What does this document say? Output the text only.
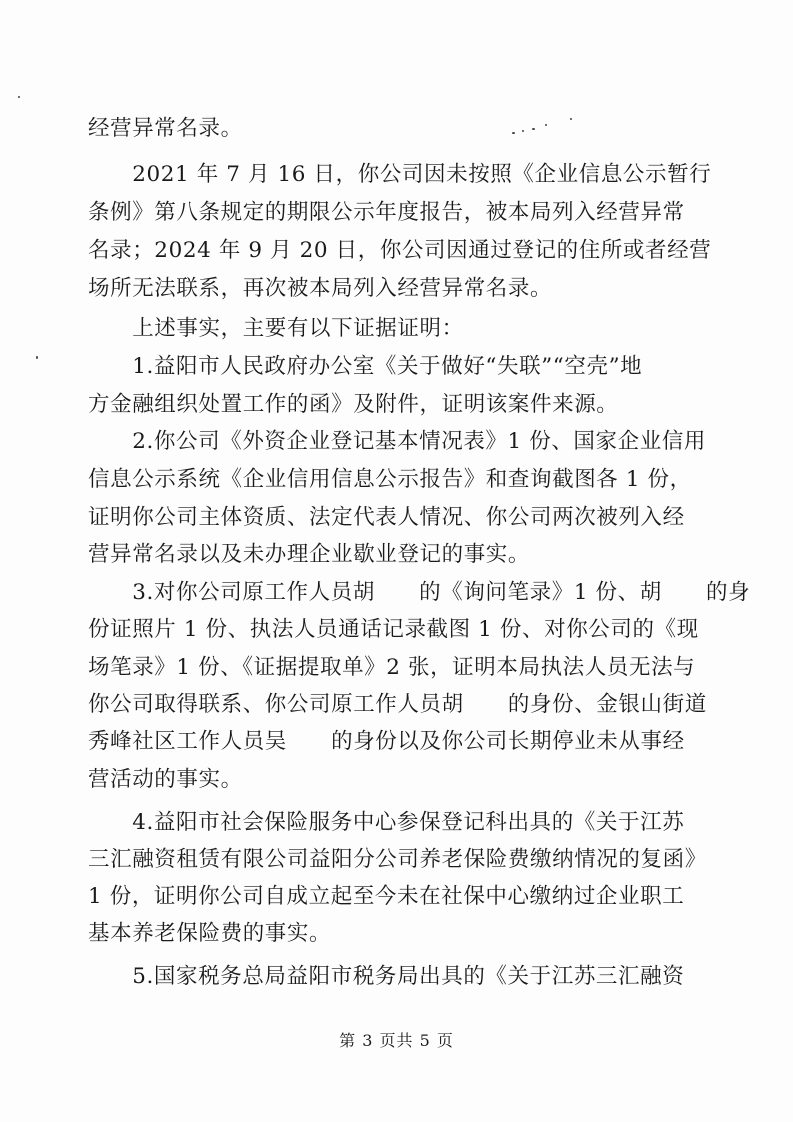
经营异常名录。
　　2021 年 7 月 16 日，你公司因未按照《企业信息公示暂行
条例》第八条规定的期限公示年度报告，被本局列入经营异常
名录；2024 年 9 月 20 日，你公司因通过登记的住所或者经营
场所无法联系，再次被本局列入经营异常名录。
　　上述事实，主要有以下证据证明：
　　1.益阳市人民政府办公室《关于做好“失联”“空壳”地
方金融组织处置工作的函》及附件，证明该案件来源。
　　2.你公司《外资企业登记基本情况表》1 份、国家企业信用
信息公示系统《企业信用信息公示报告》和查询截图各 1 份，
证明你公司主体资质、法定代表人情况、你公司两次被列入经
营异常名录以及未办理企业歇业登记的事实。
　　3.对你公司原工作人员胡　　的《询问笔录》1 份、胡　　的身
份证照片 1 份、执法人员通话记录截图 1 份、对你公司的《现
场笔录》1 份、《证据提取单》2 张，证明本局执法人员无法与
你公司取得联系、你公司原工作人员胡　　的身份、金银山街道
秀峰社区工作人员吴　　的身份以及你公司长期停业未从事经
营活动的事实。
　　4.益阳市社会保险服务中心参保登记科出具的《关于江苏
三汇融资租赁有限公司益阳分公司养老保险费缴纳情况的复函》
1 份，证明你公司自成立起至今未在社保中心缴纳过企业职工
基本养老保险费的事实。
　　5.国家税务总局益阳市税务局出具的《关于江苏三汇融资
第 3 页共 5 页
